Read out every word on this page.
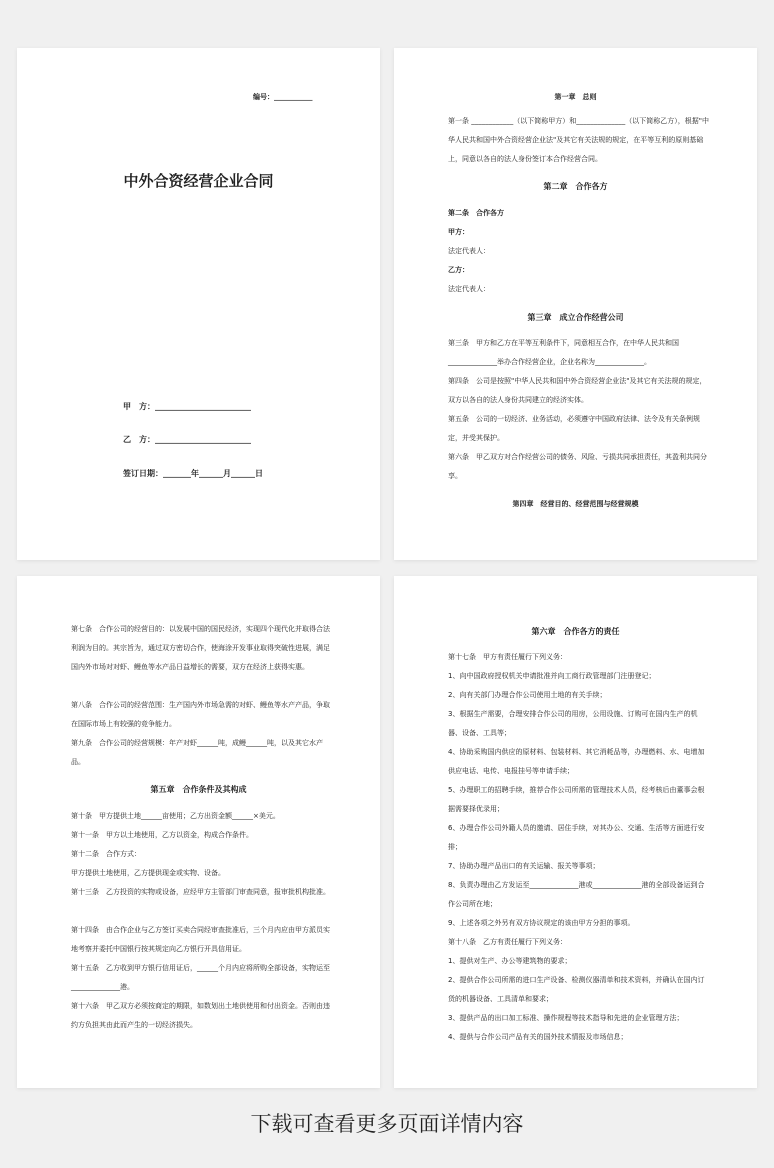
编号：___________
中外合资经营企业合同
甲　方：________________________
乙　方：________________________
签订日期：_______年______月______日
第一章　总则
第一条 ____________（以下简称甲方）和______________（以下简称乙方），根据"中华人民共和国中外合资经营企业法"及其它有关法规的规定，在平等互利的原则基础上，同意以各自的法人身份签订本合作经营合同。
第二章　合作各方
第二条　合作各方
甲方：
法定代表人：
乙方：
法定代表人：
第三章　成立合作经营公司
第三条　甲方和乙方在平等互利条件下，同意相互合作，在中华人民共和国______________举办合作经营企业，企业名称为______________。
第四条　公司是按照"中华人民共和国中外合资经营企业法"及其它有关法规的规定，双方以各自的法人身份共同建立的经济实体。
第五条　公司的一切经济、业务活动，必须遵守中国政府法律、法令及有关条例规定，并受其保护。
第六条　甲乙双方对合作经营公司的债务、风险、亏损共同承担责任，其盈利共同分享。
第四章　经营目的、经营范围与经营规模
第七条　合作公司的经营目的：以发展中国的国民经济，实现四个现代化并取得合法利润为目的。其宗旨为，通过双方密切合作，使海涂开发事业取得突破性进展，满足国内外市场对对虾、鳗鱼等水产品日益增长的需要，双方在经济上获得实惠。
第八条　合作公司的经营范围：生产国内外市场急需的对虾、鳗鱼等水产产品，争取在国际市场上有较强的竞争能力。
第九条　合作公司的经营规模：年产对虾______吨，成鳗______吨，以及其它水产品。
第五章　合作条件及其构成
第十条　甲方提供土地______亩使用；乙方出资金额______×美元。
第十一条　甲方以土地使用，乙方以资金，构成合作条件。
第十二条　合作方式：
甲方提供土地使用，乙方提供现金或实物、设备。
第十三条　乙方投资的实物或设备，应经甲方主管部门审查同意，报审批机构批准。
第十四条　由合作企业与乙方签订买卖合同经审查批准后，三个月内应由甲方派员实地考察并委托中国银行按其规定向乙方银行开具信用证。
第十五条　乙方收到甲方银行信用证后，______个月内应将所购全部设备，实物运至______________港。
第十六条　甲乙双方必须按商定的期限，如数划出土地供使用和付出资金。否则由违约方负担其由此而产生的一切经济损失。
第六章　合作各方的责任
第十七条　甲方有责任履行下列义务：
1、向中国政府授权机关申请批准并向工商行政管理部门注册登记；
2、向有关部门办理合作公司使用土地的有关手续；
3、根据生产需要，合理安排合作公司的用房，公用设施、订购可在国内生产的机器、设备、工具等；
4、协助采购国内供应的原材料、包装材料、其它消耗品等，办理燃料、水、电增加供应电话、电传、电报挂号等申请手续；
5、办理职工的招聘手续，推荐合作公司所需的管理技术人员，经考核后由董事会根据需要择优录用；
6、办理合作公司外籍人员的邀请、居住手续，对其办公、交通、生活等方面进行安排；
7、协助办理产品出口的有关运输、报关等事项；
8、负责办理由乙方发运至______________港或______________港的全部设备运到合作公司所在地；
9、上述各项之外另有双方协议规定的该由甲方分担的事项。
第十八条　乙方有责任履行下列义务：
1、提供对生产、办公等建筑物的要求；
2、提供合作公司所需的进口生产设备、检测仪器清单和技术资料，并确认在国内订货的机器设备、工具清单和要求；
3、提供产品的出口加工标准、操作规程等技术指导和先进的企业管理方法；
4、提供与合作公司产品有关的国外技术情报及市场信息；
下载可查看更多页面详情内容
